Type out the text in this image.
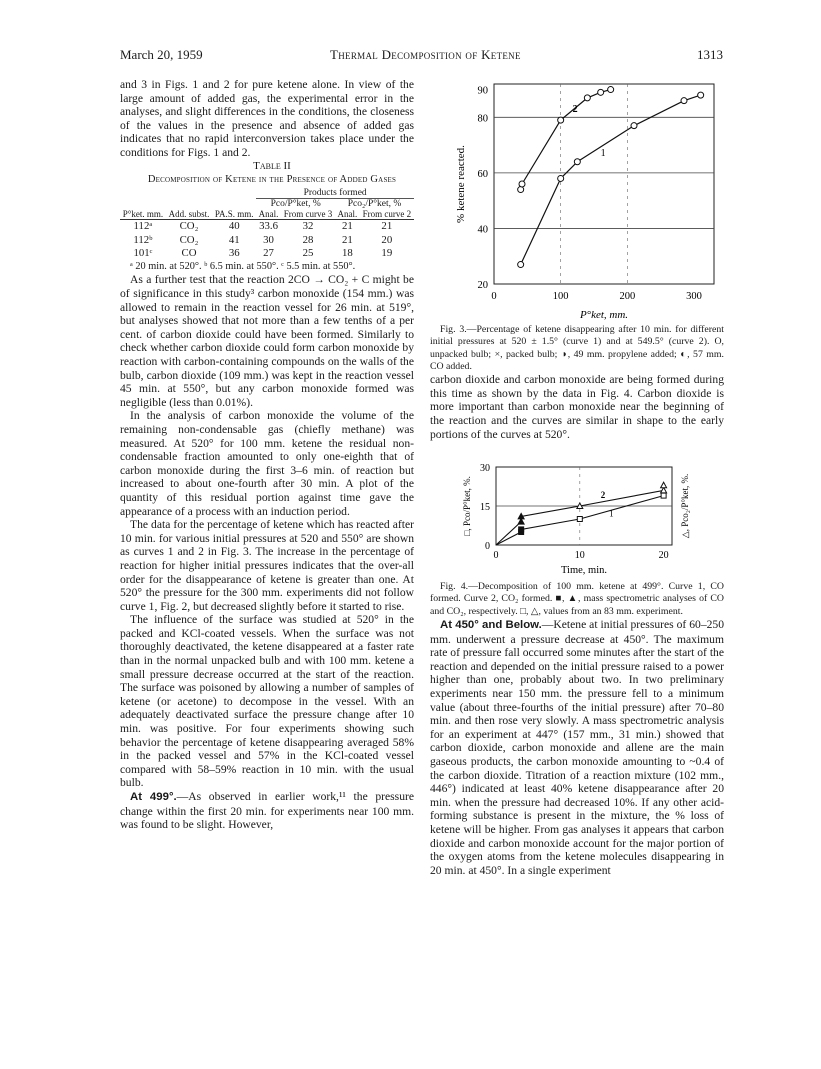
March 20, 1959	Thermal Decomposition of Ketene	1313

and 3 in Figs. 1 and 2 for pure ketene alone. In view of the large amount of added gas, the experimental error in the analyses, and slight differences in the conditions, the closeness of the values in the presence and absence of added gas indicates that no rapid interconversion takes place under the conditions for Figs. 1 and 2.

Table II

Decomposition of Ketene in the Presence of Added Gases

			Products formed			
			Pco/P°ket, %		Pco₂/P°ket, %	
P°ket. mm.	Add. subst.	PA.S. mm.	Anal.	From curve 3	Anal.	From curve 2
112ᵃ	CO₂	40	33.6	32	21	21
112ᵇ	CO₂	41	30	28	21	20
101ᶜ	CO	36	27	25	18	19

ᵃ 20 min. at 520°. ᵇ 6.5 min. at 550°. ᶜ 5.5 min. at 550°.

As a further test that the reaction 2CO → CO₂ + C might be of significance in this study³ carbon monoxide (154 mm.) was allowed to remain in the reaction vessel for 26 min. at 519°, but analyses showed that not more than a few tenths of a per cent. of carbon dioxide could have been formed. Similarly to check whether carbon dioxide could form carbon monoxide by reaction with carbon-containing compounds on the walls of the bulb, carbon dioxide (109 mm.) was kept in the reaction vessel 45 min. at 550°, but any carbon monoxide formed was negligible (less than 0.01%).

In the analysis of carbon monoxide the volume of the remaining non-condensable gas (chiefly methane) was measured. At 520° for 100 mm. ketene the residual non-condensable fraction amounted to only one-eighth that of carbon monoxide during the first 3–6 min. of reaction but increased to about one-fourth after 30 min. A plot of the quantity of this residual portion against time gave the appearance of a process with an induction period.

The data for the percentage of ketene which has reacted after 10 min. for various initial pressures at 520 and 550° are shown as curves 1 and 2 in Fig. 3. The increase in the percentage of reaction for higher initial pressures indicates that the over-all order for the disappearance of ketene is greater than one. At 520° the pressure for the 300 mm. experiments did not follow curve 1, Fig. 2, but decreased slightly before it started to rise.

The influence of the surface was studied at 520° in the packed and KCl-coated vessels. When the surface was not thoroughly deactivated, the ketene disappeared at a faster rate than in the normal unpacked bulb and with 100 mm. ketene a small pressure decrease occurred at the start of the reaction. The surface was poisoned by allowing a number of samples of ketene (or acetone) to decompose in the vessel. With an adequately deactivated surface the pressure change after 10 min. was positive. For four experiments showing such behavior the percentage of ketene disappearing averaged 58% in the packed vessel and 57% in the KCl-coated vessel compared with 58–59% reaction in 10 min. with the usual bulb.

At 499°.—As observed in earlier work,¹¹ the pressure change within the first 20 min. for experiments near 100 mm. was found to be slight. However,

0	100	200	300
20
40
60
80
90
P°ket, mm.
% ketene reacted.	1
2

Fig. 3.—Percentage of ketene disappearing after 10 min. for different initial pressures at 520 ± 1.5° (curve 1) and at 549.5° (curve 2). O, unpacked bulb; ×, packed bulb; ◑, 49 mm. propylene added; ◐, 57 mm. CO added.

carbon dioxide and carbon monoxide are being formed during this time as shown by the data in Fig. 4. Carbon dioxide is more important than carbon monoxide near the beginning of the reaction and the curves are similar in shape to the early portions of the curves at 520°.

0	10	20
0
15
30
Time, min.
□, Pco/P°ket, %.	△, Pco₂/P°ket, %.
1
2

Fig. 4.—Decomposition of 100 mm. ketene at 499°. Curve 1, CO formed. Curve 2, CO₂ formed. ■, ▲, mass spectrometric analyses of CO and CO₂, respectively. □, △, values from an 83 mm. experiment.

At 450° and Below.—Ketene at initial pressures of 60–250 mm. underwent a pressure decrease at 450°. The maximum rate of pressure fall occurred some minutes after the start of the reaction and depended on the initial pressure raised to a power higher than one, probably about two. In two preliminary experiments near 150 mm. the pressure fell to a minimum value (about three-fourths of the initial pressure) after 70–80 min. and then rose very slowly. A mass spectrometric analysis for an experiment at 447° (157 mm., 31 min.) showed that carbon dioxide, carbon monoxide and allene are the main gaseous products, the carbon monoxide amounting to ~0.4 of the carbon dioxide. Titration of a reaction mixture (102 mm., 446°) indicated at least 40% ketene disappearance after 20 min. when the pressure had decreased 10%. If any other acid-forming substance is present in the mixture, the % loss of ketene will be higher. From gas analyses it appears that carbon dioxide and carbon monoxide account for the major portion of the oxygen atoms from the ketene molecules disappearing in 20 min. at 450°. In a single experiment
